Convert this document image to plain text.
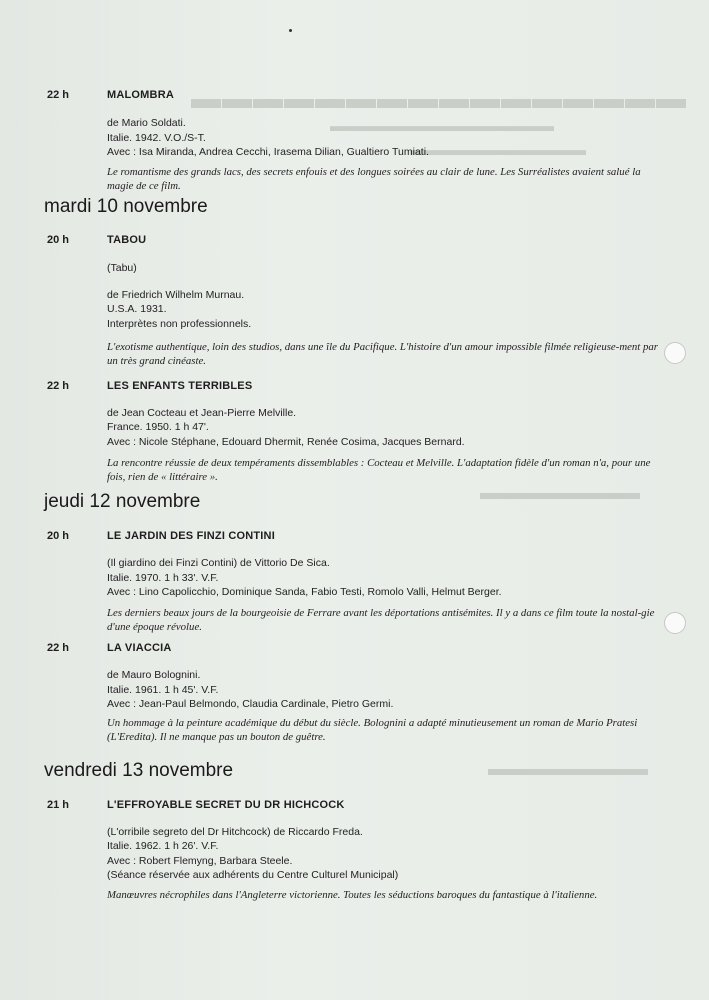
▬▬▬▬▬▬▬▬▬▬▬▬▬▬▬▬
▬▬▬▬▬▬▬▬▬▬▬▬▬▬
▬▬▬▬▬▬▬▬▬▬▬
▬▬▬▬▬▬▬▬
▬▬▬▬▬▬▬▬
22 h	MALOMBRA
de Mario Soldati.
Italie. 1942. V.O./S-T.
Avec : Isa Miranda, Andrea Cecchi, Irasema Dilian, Gualtiero Tumiati.
Le romantisme des grands lacs, des secrets enfouis et des longues soirées au clair de lune. Les Surréalistes avaient salué la magie de ce film.
mardi 10 novembre
20 h	TABOU
(Tabu)
de Friedrich Wilhelm Murnau.
U.S.A. 1931.
Interprètes non professionnels.
L'exotisme authentique, loin des studios, dans une île du Pacifique. L'histoire d'un amour impossible filmée religieuse-ment par un très grand cinéaste.
22 h	LES ENFANTS TERRIBLES
de Jean Cocteau et Jean-Pierre Melville.
France. 1950. 1 h 47'.
Avec : Nicole Stéphane, Edouard Dhermit, Renée Cosima, Jacques Bernard.
La rencontre réussie de deux tempéraments dissemblables : Cocteau et Melville. L'adaptation fidèle d'un roman n'a, pour une fois, rien de « littéraire ».
jeudi 12 novembre
20 h	LE JARDIN DES FINZI CONTINI
(Il giardino dei Finzi Contini) de Vittorio De Sica.
Italie. 1970. 1 h 33'. V.F.
Avec : Lino Capolicchio, Dominique Sanda, Fabio Testi, Romolo Valli, Helmut Berger.
Les derniers beaux jours de la bourgeoisie de Ferrare avant les déportations antisémites. Il y a dans ce film toute la nostal-gie d'une époque révolue.
22 h	LA VIACCIA
de Mauro Bolognini.
Italie. 1961. 1 h 45'. V.F.
Avec : Jean-Paul Belmondo, Claudia Cardinale, Pietro Germi.
Un hommage à la peinture académique du début du siècle. Bolognini a adapté minutieusement un roman de Mario Pratesi (L'Eredita). Il ne manque pas un bouton de guêtre.
vendredi 13 novembre
21 h	L'EFFROYABLE SECRET DU DR HICHCOCK
(L'orribile segreto del Dr Hitchcock) de Riccardo Freda.
Italie. 1962. 1 h 26'. V.F.
Avec : Robert Flemyng, Barbara Steele.
(Séance réservée aux adhérents du Centre Culturel Municipal)
Manœuvres nécrophiles dans l'Angleterre victorienne. Toutes les séductions baroques du fantastique à l'italienne.
